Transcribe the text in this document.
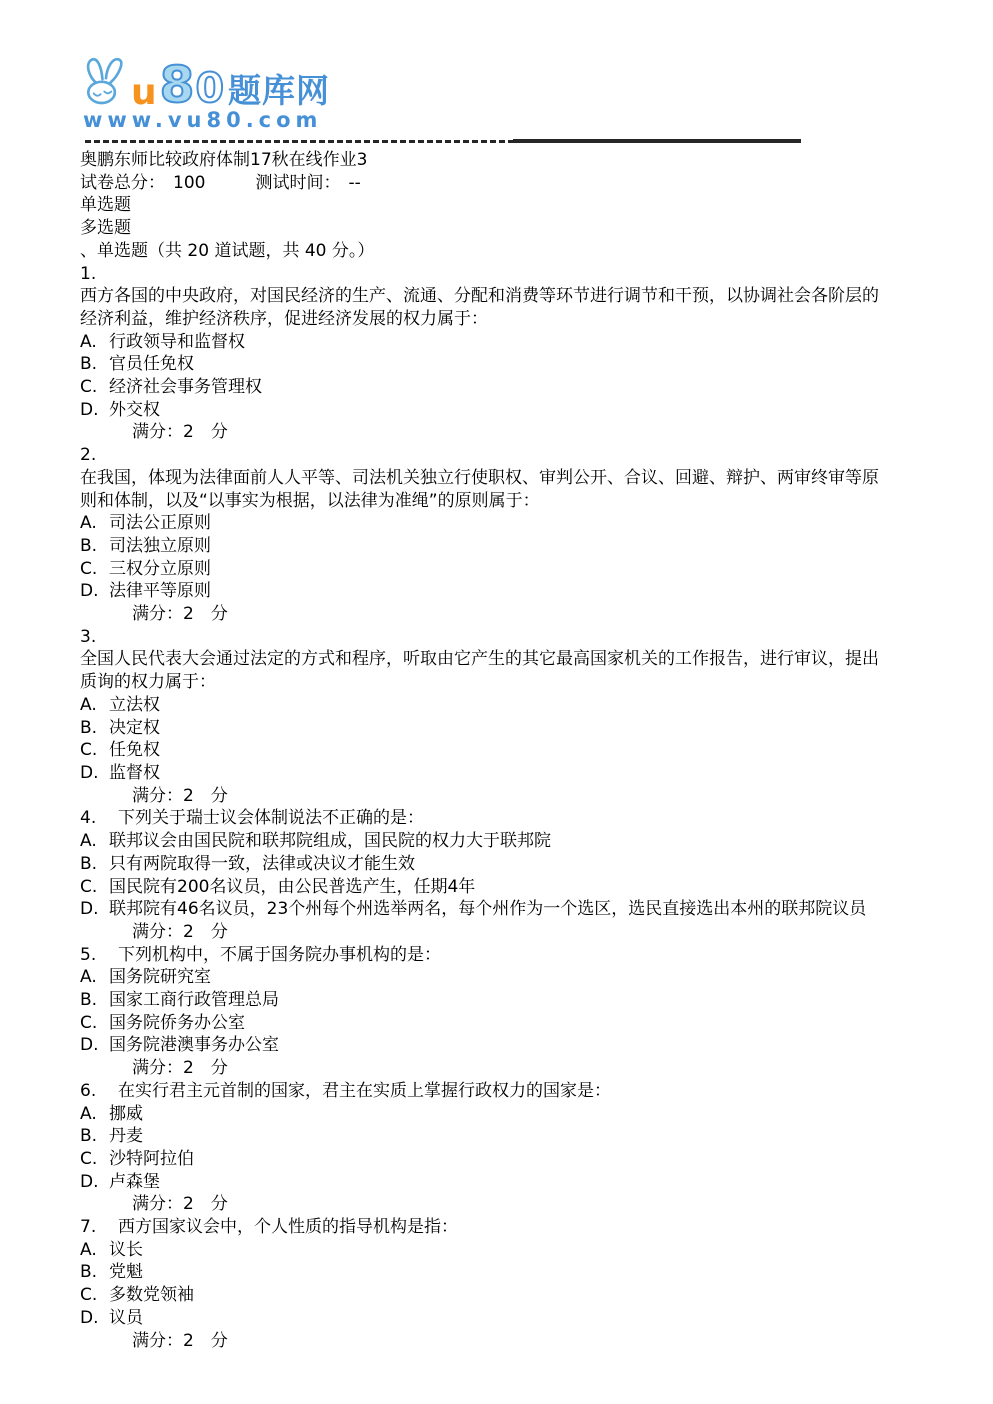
u 8 0 题库网
www.vu80.com
奥鹏东师比较政府体制17秋在线作业3
试卷总分： 100	测试时间： --
单选题
多选题
、单选题（共 20 道试题，共 40 分。）
1.
西方各国的中央政府，对国民经济的生产、流通、分配和消费等环节进行调节和干预，以协调社会各阶层的
经济利益，维护经济秩序，促进经济发展的权力属于：
A. 行政领导和监督权
B. 官员任免权
C. 经济社会事务管理权
D. 外交权
满分：2　分
2.
在我国，体现为法律面前人人平等、司法机关独立行使职权、审判公开、合议、回避、辩护、两审终审等原
则和体制，以及“以事实为根据，以法律为准绳”的原则属于：
A. 司法公正原则
B. 司法独立原则
C. 三权分立原则
D. 法律平等原则
满分：2　分
3.
全国人民代表大会通过法定的方式和程序，听取由它产生的其它最高国家机关的工作报告，进行审议，提出
质询的权力属于：
A. 立法权
B. 决定权
C. 任免权
D. 监督权
满分：2　分
4. 下列关于瑞士议会体制说法不正确的是：
A. 联邦议会由国民院和联邦院组成，国民院的权力大于联邦院
B. 只有两院取得一致，法律或决议才能生效
C. 国民院有200名议员，由公民普选产生，任期4年
D. 联邦院有46名议员，23个州每个州选举两名，每个州作为一个选区，选民直接选出本州的联邦院议员
满分：2　分
5. 下列机构中，不属于国务院办事机构的是：
A. 国务院研究室
B. 国家工商行政管理总局
C. 国务院侨务办公室
D. 国务院港澳事务办公室
满分：2　分
6. 在实行君主元首制的国家，君主在实质上掌握行政权力的国家是：
A. 挪威
B. 丹麦
C. 沙特阿拉伯
D. 卢森堡
满分：2　分
7. 西方国家议会中，个人性质的指导机构是指：
A. 议长
B. 党魁
C. 多数党领袖
D. 议员
满分：2　分
